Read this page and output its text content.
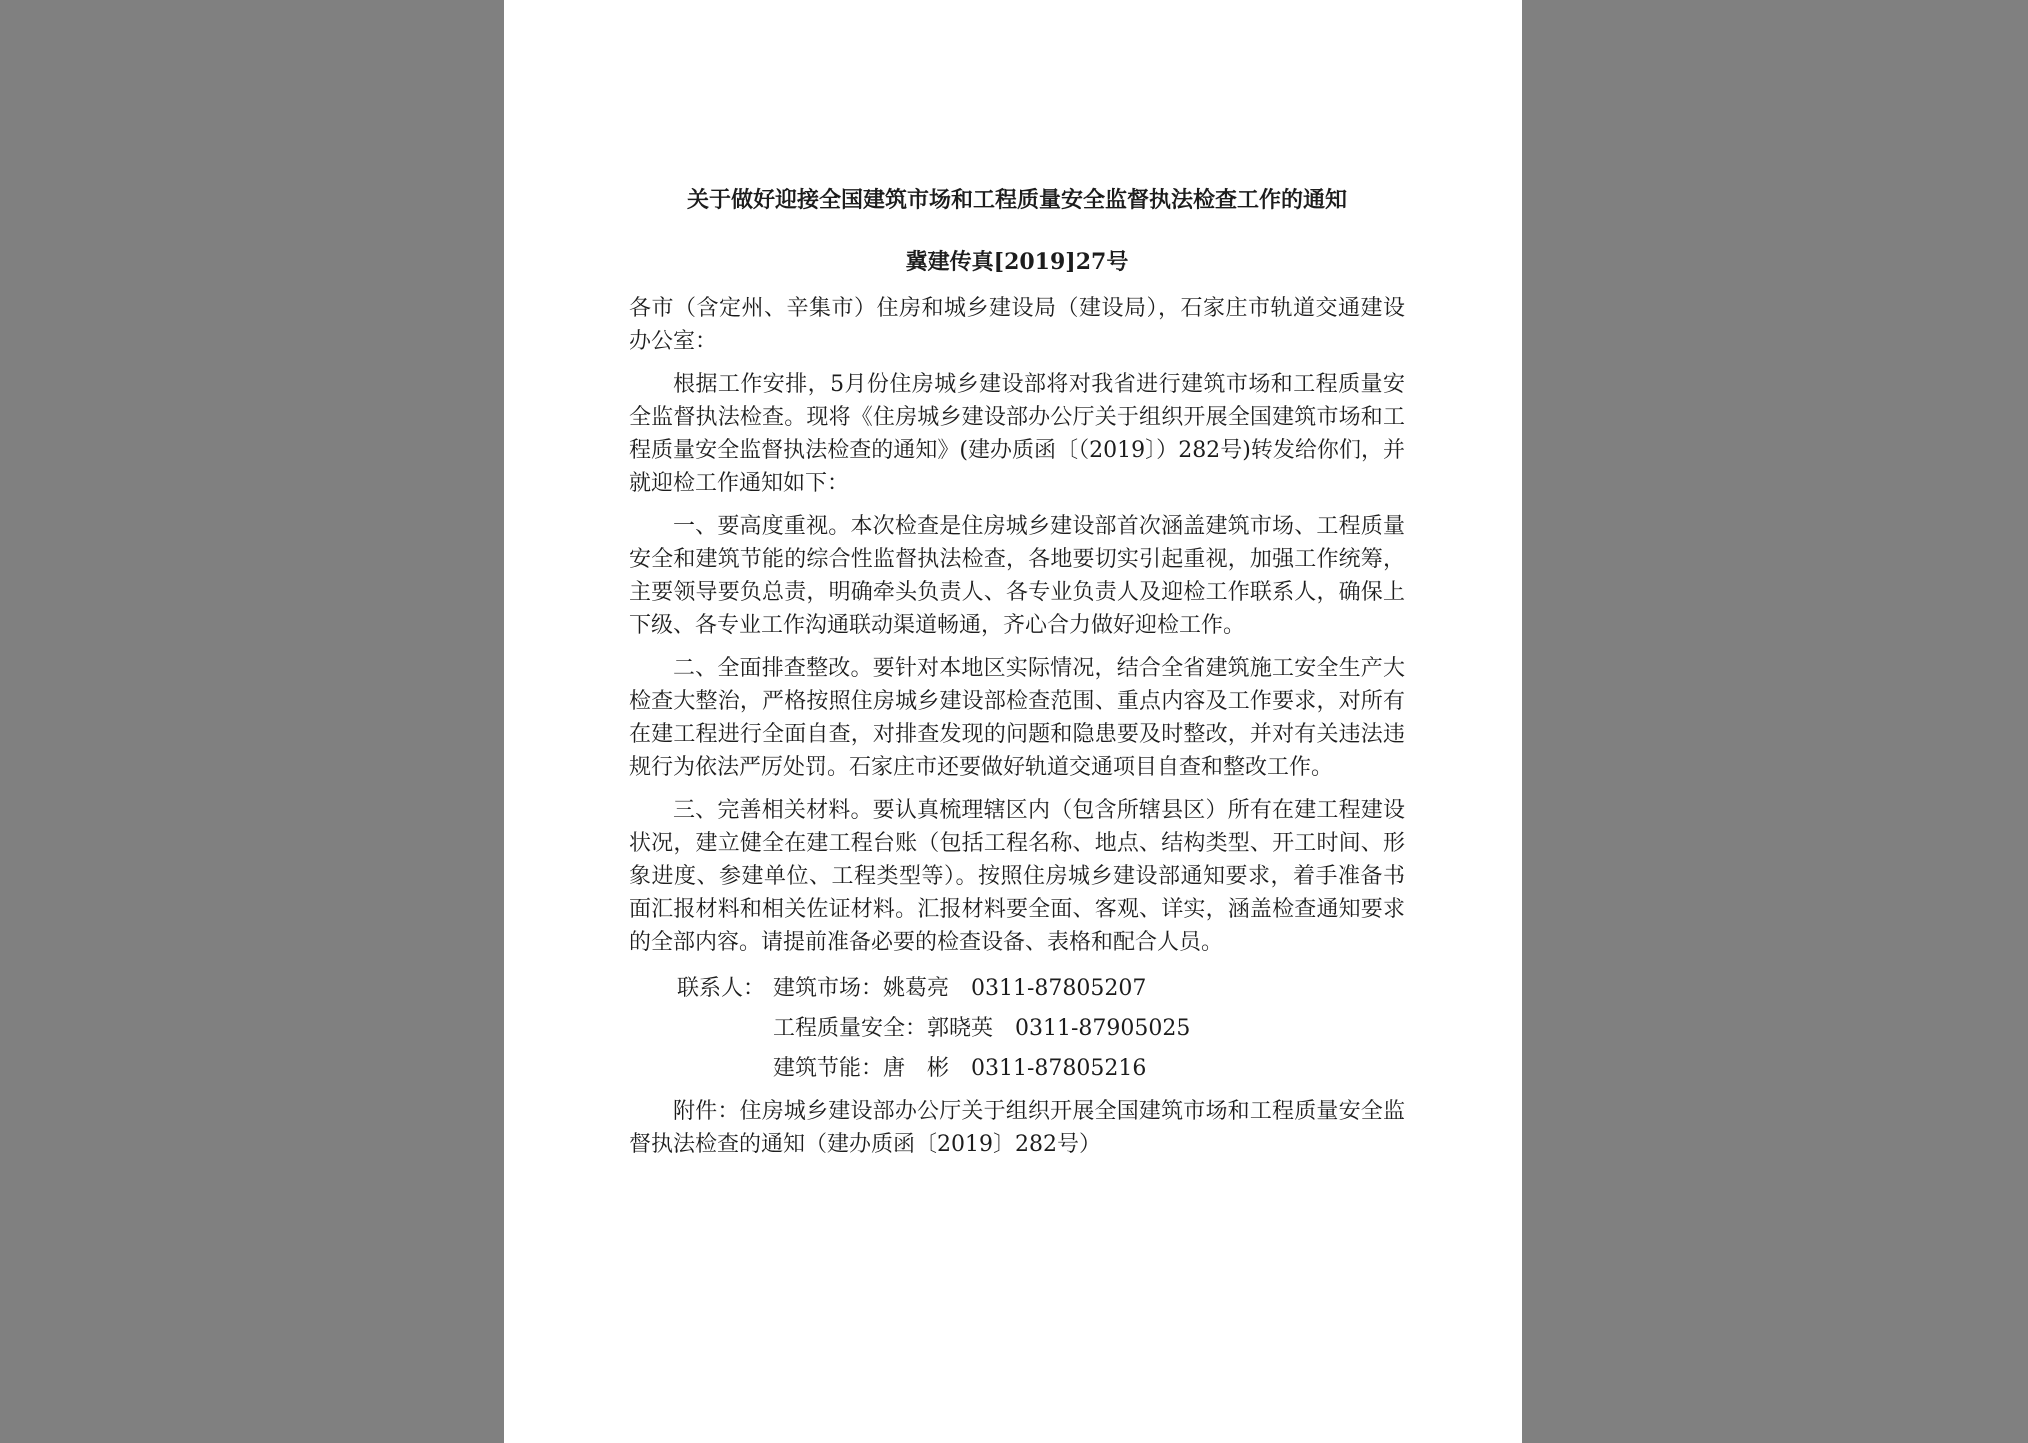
关于做好迎接全国建筑市场和工程质量安全监督执法检查工作的通知
冀建传真[2019]27号

各市（含定州、辛集市）住房和城乡建设局（建设局），石家庄市轨道交通建设办公室：

根据工作安排，5月份住房城乡建设部将对我省进行建筑市场和工程质量安全监督执法检查。现将《住房城乡建设部办公厅关于组织开展全国建筑市场和工程质量安全监督执法检查的通知》(建办质函〔（2019〕）282号)转发给你们，并就迎检工作通知如下：

一、要高度重视。本次检查是住房城乡建设部首次涵盖建筑市场、工程质量安全和建筑节能的综合性监督执法检查，各地要切实引起重视，加强工作统筹，主要领导要负总责，明确牵头负责人、各专业负责人及迎检工作联系人，确保上下级、各专业工作沟通联动渠道畅通，齐心合力做好迎检工作。

二、全面排查整改。要针对本地区实际情况，结合全省建筑施工安全生产大检查大整治，严格按照住房城乡建设部检查范围、重点内容及工作要求，对所有在建工程进行全面自查，对排查发现的问题和隐患要及时整改，并对有关违法违规行为依法严厉处罚。石家庄市还要做好轨道交通项目自查和整改工作。

三、完善相关材料。要认真梳理辖区内（包含所辖县区）所有在建工程建设状况，建立健全在建工程台账（包括工程名称、地点、结构类型、开工时间、形象进度、参建单位、工程类型等）。按照住房城乡建设部通知要求，着手准备书面汇报材料和相关佐证材料。汇报材料要全面、客观、详实，涵盖检查通知要求的全部内容。请提前准备必要的检查设备、表格和配合人员。

联系人： 建筑市场：姚葛亮　0311-87805207
工程质量安全：郭晓英　0311-87905025
建筑节能：唐　彬　0311-87805216

附件：住房城乡建设部办公厅关于组织开展全国建筑市场和工程质量安全监督执法检查的通知（建办质函〔2019〕282号）
